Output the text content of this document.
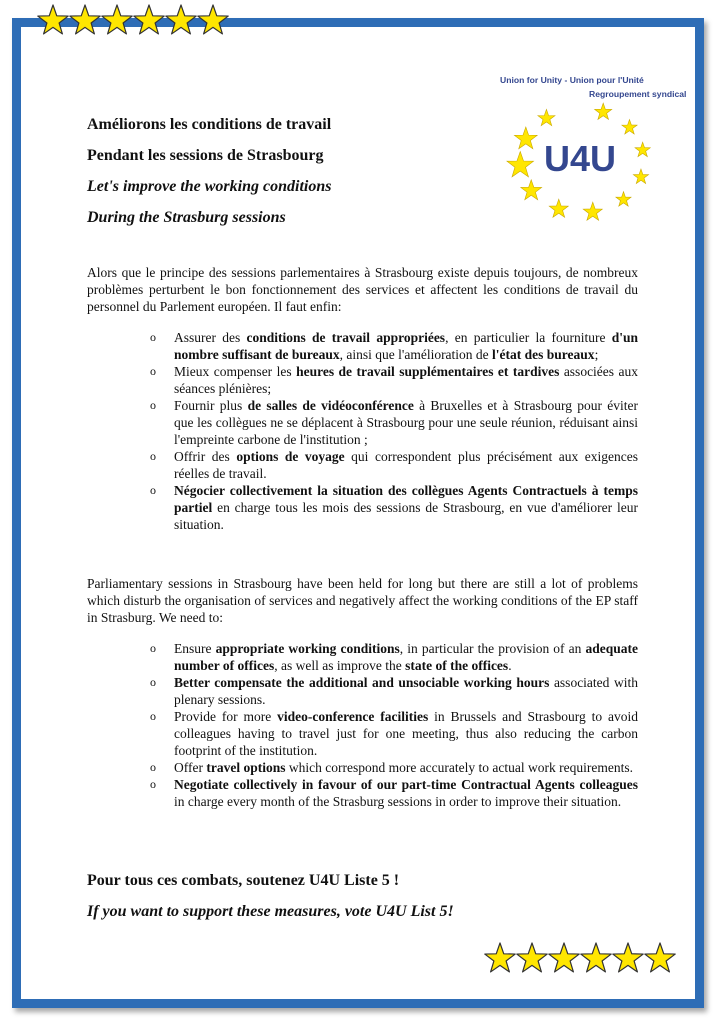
U4U
Union for Unity - Union pour l'Unité
Regroupement syndical
Améliorons les conditions de travail
Pendant les sessions de Strasbourg
Let's improve the working conditions
During the Strasburg sessions

Alors que le principe des sessions parlementaires à Strasbourg existe depuis toujours, de nombreux problèmes perturbent le bon fonctionnement des services et affectent les conditions de travail du personnel du Parlement européen. Il faut enfin:

o Assurer des conditions de travail appropriées, en particulier la fourniture d'un nombre suffisant de bureaux, ainsi que l'amélioration de l'état des bureaux;
o Mieux compenser les heures de travail supplémentaires et tardives associées aux séances plénières;
o Fournir plus de salles de vidéoconférence à Bruxelles et à Strasbourg pour éviter que les collègues ne se déplacent à Strasbourg pour une seule réunion, réduisant ainsi l'empreinte carbone de l'institution ;
o Offrir des options de voyage qui correspondent plus précisément aux exigences réelles de travail.
o Négocier collectivement la situation des collègues Agents Contractuels à temps partiel en charge tous les mois des sessions de Strasbourg, en vue d'améliorer leur situation.

Parliamentary sessions in Strasbourg have been held for long but there are still a lot of problems which disturb the organisation of services and negatively affect the working conditions of the EP staff in Strasburg. We need to:

o Ensure appropriate working conditions, in particular the provision of an adequate number of offices, as well as improve the state of the offices.
o Better compensate the additional and unsociable working hours associated with plenary sessions.
o Provide for more video-conference facilities in Brussels and Strasbourg to avoid colleagues having to travel just for one meeting, thus also reducing the carbon footprint of the institution.
o Offer travel options which correspond more accurately to actual work requirements.
o Negotiate collectively in favour of our part-time Contractual Agents colleagues in charge every month of the Strasburg sessions in order to improve their situation.
Pour tous ces combats, soutenez U4U Liste 5 !
If you want to support these measures, vote U4U List 5!
